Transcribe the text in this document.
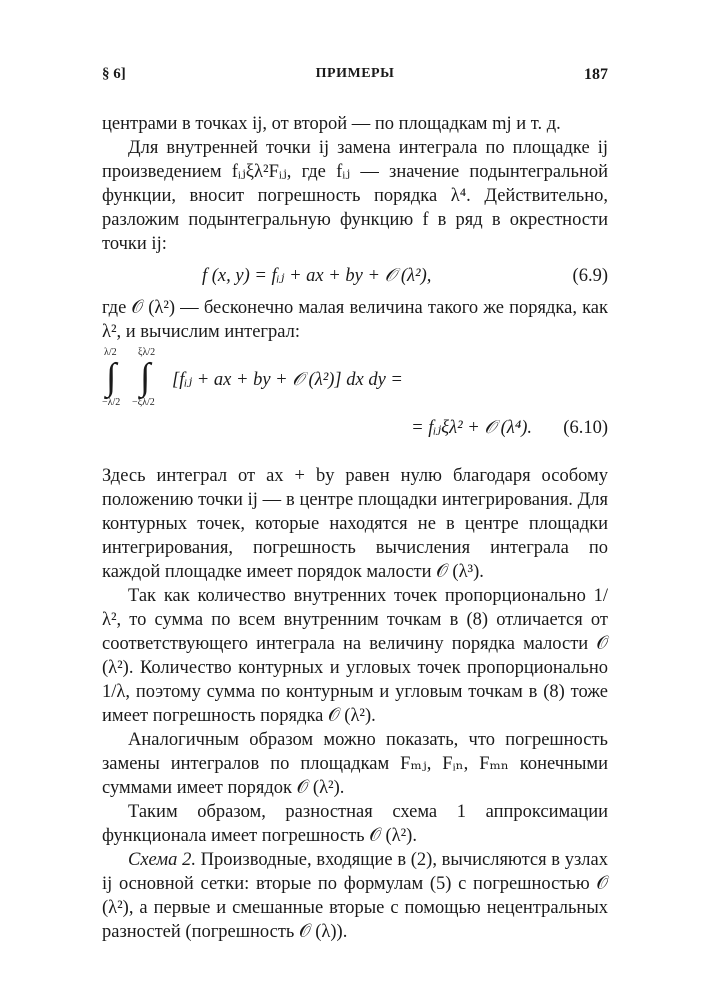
§ 6]	ПРИМЕРЫ	187

центрами в точках ij, от второй — по площадкам mj и т. д.

Для внутренней точки ij замена интеграла по площадке ij произведением fᵢⱼξλ²Fᵢⱼ, где fᵢⱼ — значение подынтегральной функции, вносит погрешность порядка λ⁴. Действительно, разложим подынтегральную функцию f в ряд в окрестности точки ij:

f (x, y) = fᵢⱼ + ax + by + 𝒪 (λ²),	(6.9)

где 𝒪 (λ²) — бесконечно малая величина такого же порядка, как λ², и вычислим интеграл:

λ/2
∫
−λ/2
ξλ/2
∫
−ξλ/2
[fᵢⱼ + ax + by + 𝒪 (λ²)] dx dy =
= fᵢⱼξλ² + 𝒪 (λ⁴). (6.10)

Здесь интеграл от ax + by равен нулю благодаря особому положению точки ij — в центре площадки интегрирования. Для контурных точек, которые находятся не в центре площадки интегрирования, погрешность вычисления интеграла по каждой площадке имеет порядок малости 𝒪 (λ³).

Так как количество внутренних точек пропорционально 1/λ², то сумма по всем внутренним точкам в (8) отличается от соответствующего интеграла на величину порядка малости 𝒪 (λ²). Количество контурных и угловых точек пропорционально 1/λ, поэтому сумма по контурным и угловым точкам в (8) тоже имеет погрешность порядка 𝒪 (λ²).

Аналогичным образом можно показать, что погрешность замены интегралов по площадкам Fₘⱼ, Fᵢₙ, Fₘₙ конечными суммами имеет порядок 𝒪 (λ²).

Таким образом, разностная схема 1 аппроксимации функционала имеет погрешность 𝒪 (λ²).

Схема 2. Производные, входящие в (2), вычисляются в узлах ij основной сетки: вторые по формулам (5) с погрешностью 𝒪 (λ²), а первые и смешанные вторые с помощью нецентральных разностей (погрешность 𝒪 (λ)).
